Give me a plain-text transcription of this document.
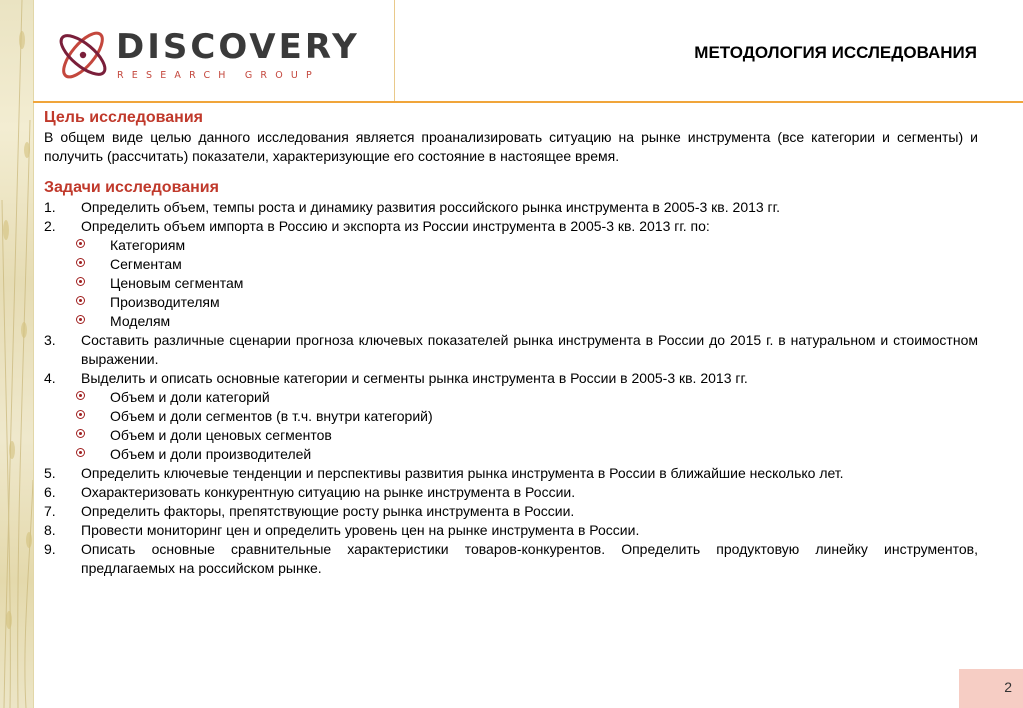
DISCOVERY
RESEARCH GROUP
МЕТОДОЛОГИЯ ИССЛЕДОВАНИЯ
Цель исследования
В общем виде целью данного исследования является проанализировать ситуацию на рынке инструмента (все категории и сегменты) и получить (рассчитать) показатели, характеризующие его состояние в настоящее время.
Задачи исследования
1. Определить объем, темпы роста и динамику развития российского рынка инструмента в 2005-3 кв. 2013 гг.
2. Определить объем импорта в Россию и экспорта из России инструмента в 2005-3 кв. 2013 гг. по:
Категориям
Сегментам
Ценовым сегментам
Производителям
Моделям
3. Составить различные сценарии прогноза ключевых показателей рынка инструмента в России до 2015 г. в натуральном и стоимостном выражении.
4. Выделить и описать основные категории и сегменты рынка инструмента в России в 2005-3 кв. 2013 гг.
Объем и доли категорий
Объем и доли сегментов (в т.ч. внутри категорий)
Объем и доли ценовых сегментов
Объем и доли производителей
5. Определить ключевые тенденции и перспективы развития рынка инструмента в России в ближайшие несколько лет.
6. Охарактеризовать конкурентную ситуацию на рынке инструмента в России.
7. Определить факторы, препятствующие росту рынка инструмента в России.
8. Провести мониторинг цен и определить уровень цен на рынке инструмента в России.
9. Описать основные сравнительные характеристики товаров-конкурентов. Определить продуктовую линейку инструментов, предлагаемых на российском рынке.
2
